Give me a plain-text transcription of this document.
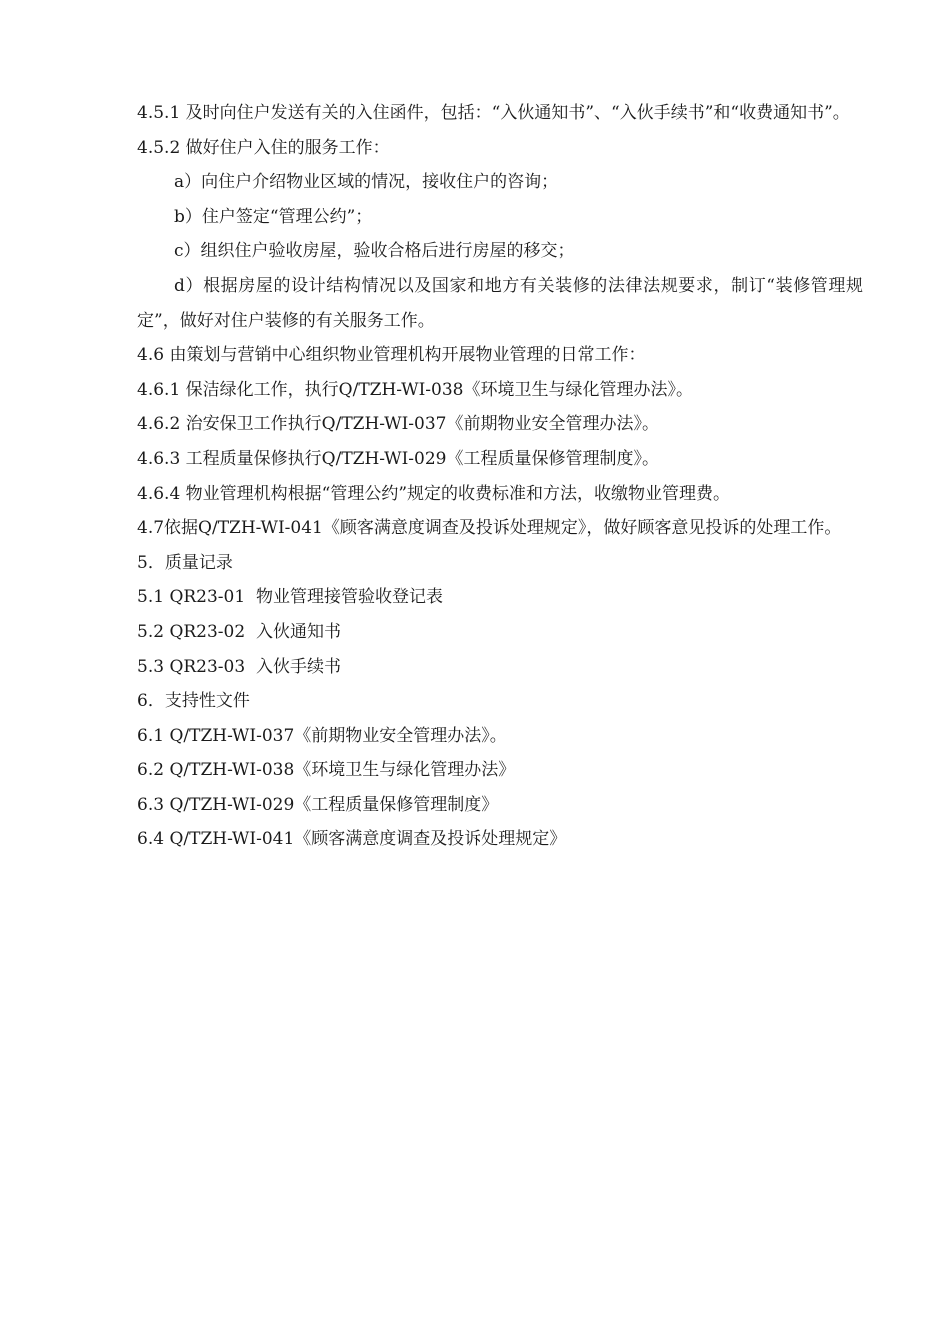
4.5.1 及时向住户发送有关的入住函件，包括：“入伙通知书”、“入伙手续书”和“收费通知书”。

4.5.2 做好住户入住的服务工作：

a）向住户介绍物业区域的情况，接收住户的咨询；

b）住户签定“管理公约”；

c）组织住户验收房屋，验收合格后进行房屋的移交；

d）根据房屋的设计结构情况以及国家和地方有关装修的法律法规要求，制订“装修管理规定”，做好对住户装修的有关服务工作。

4.6 由策划与营销中心组织物业管理机构开展物业管理的日常工作：

4.6.1 保洁绿化工作，执行Q/TZH-WI-038《环境卫生与绿化管理办法》。

4.6.2 治安保卫工作执行Q/TZH-WI-037《前期物业安全管理办法》。

4.6.3 工程质量保修执行Q/TZH-WI-029《工程质量保修管理制度》。

4.6.4 物业管理机构根据“管理公约”规定的收费标准和方法，收缴物业管理费。

4.7依据Q/TZH-WI-041《顾客满意度调查及投诉处理规定》，做好顾客意见投诉的处理工作。

5．质量记录

5.1 QR23-01  物业管理接管验收登记表

5.2 QR23-02  入伙通知书

5.3 QR23-03  入伙手续书

6．支持性文件

6.1 Q/TZH-WI-037《前期物业安全管理办法》。

6.2 Q/TZH-WI-038《环境卫生与绿化管理办法》

6.3 Q/TZH-WI-029《工程质量保修管理制度》

6.4 Q/TZH-WI-041《顾客满意度调查及投诉处理规定》
